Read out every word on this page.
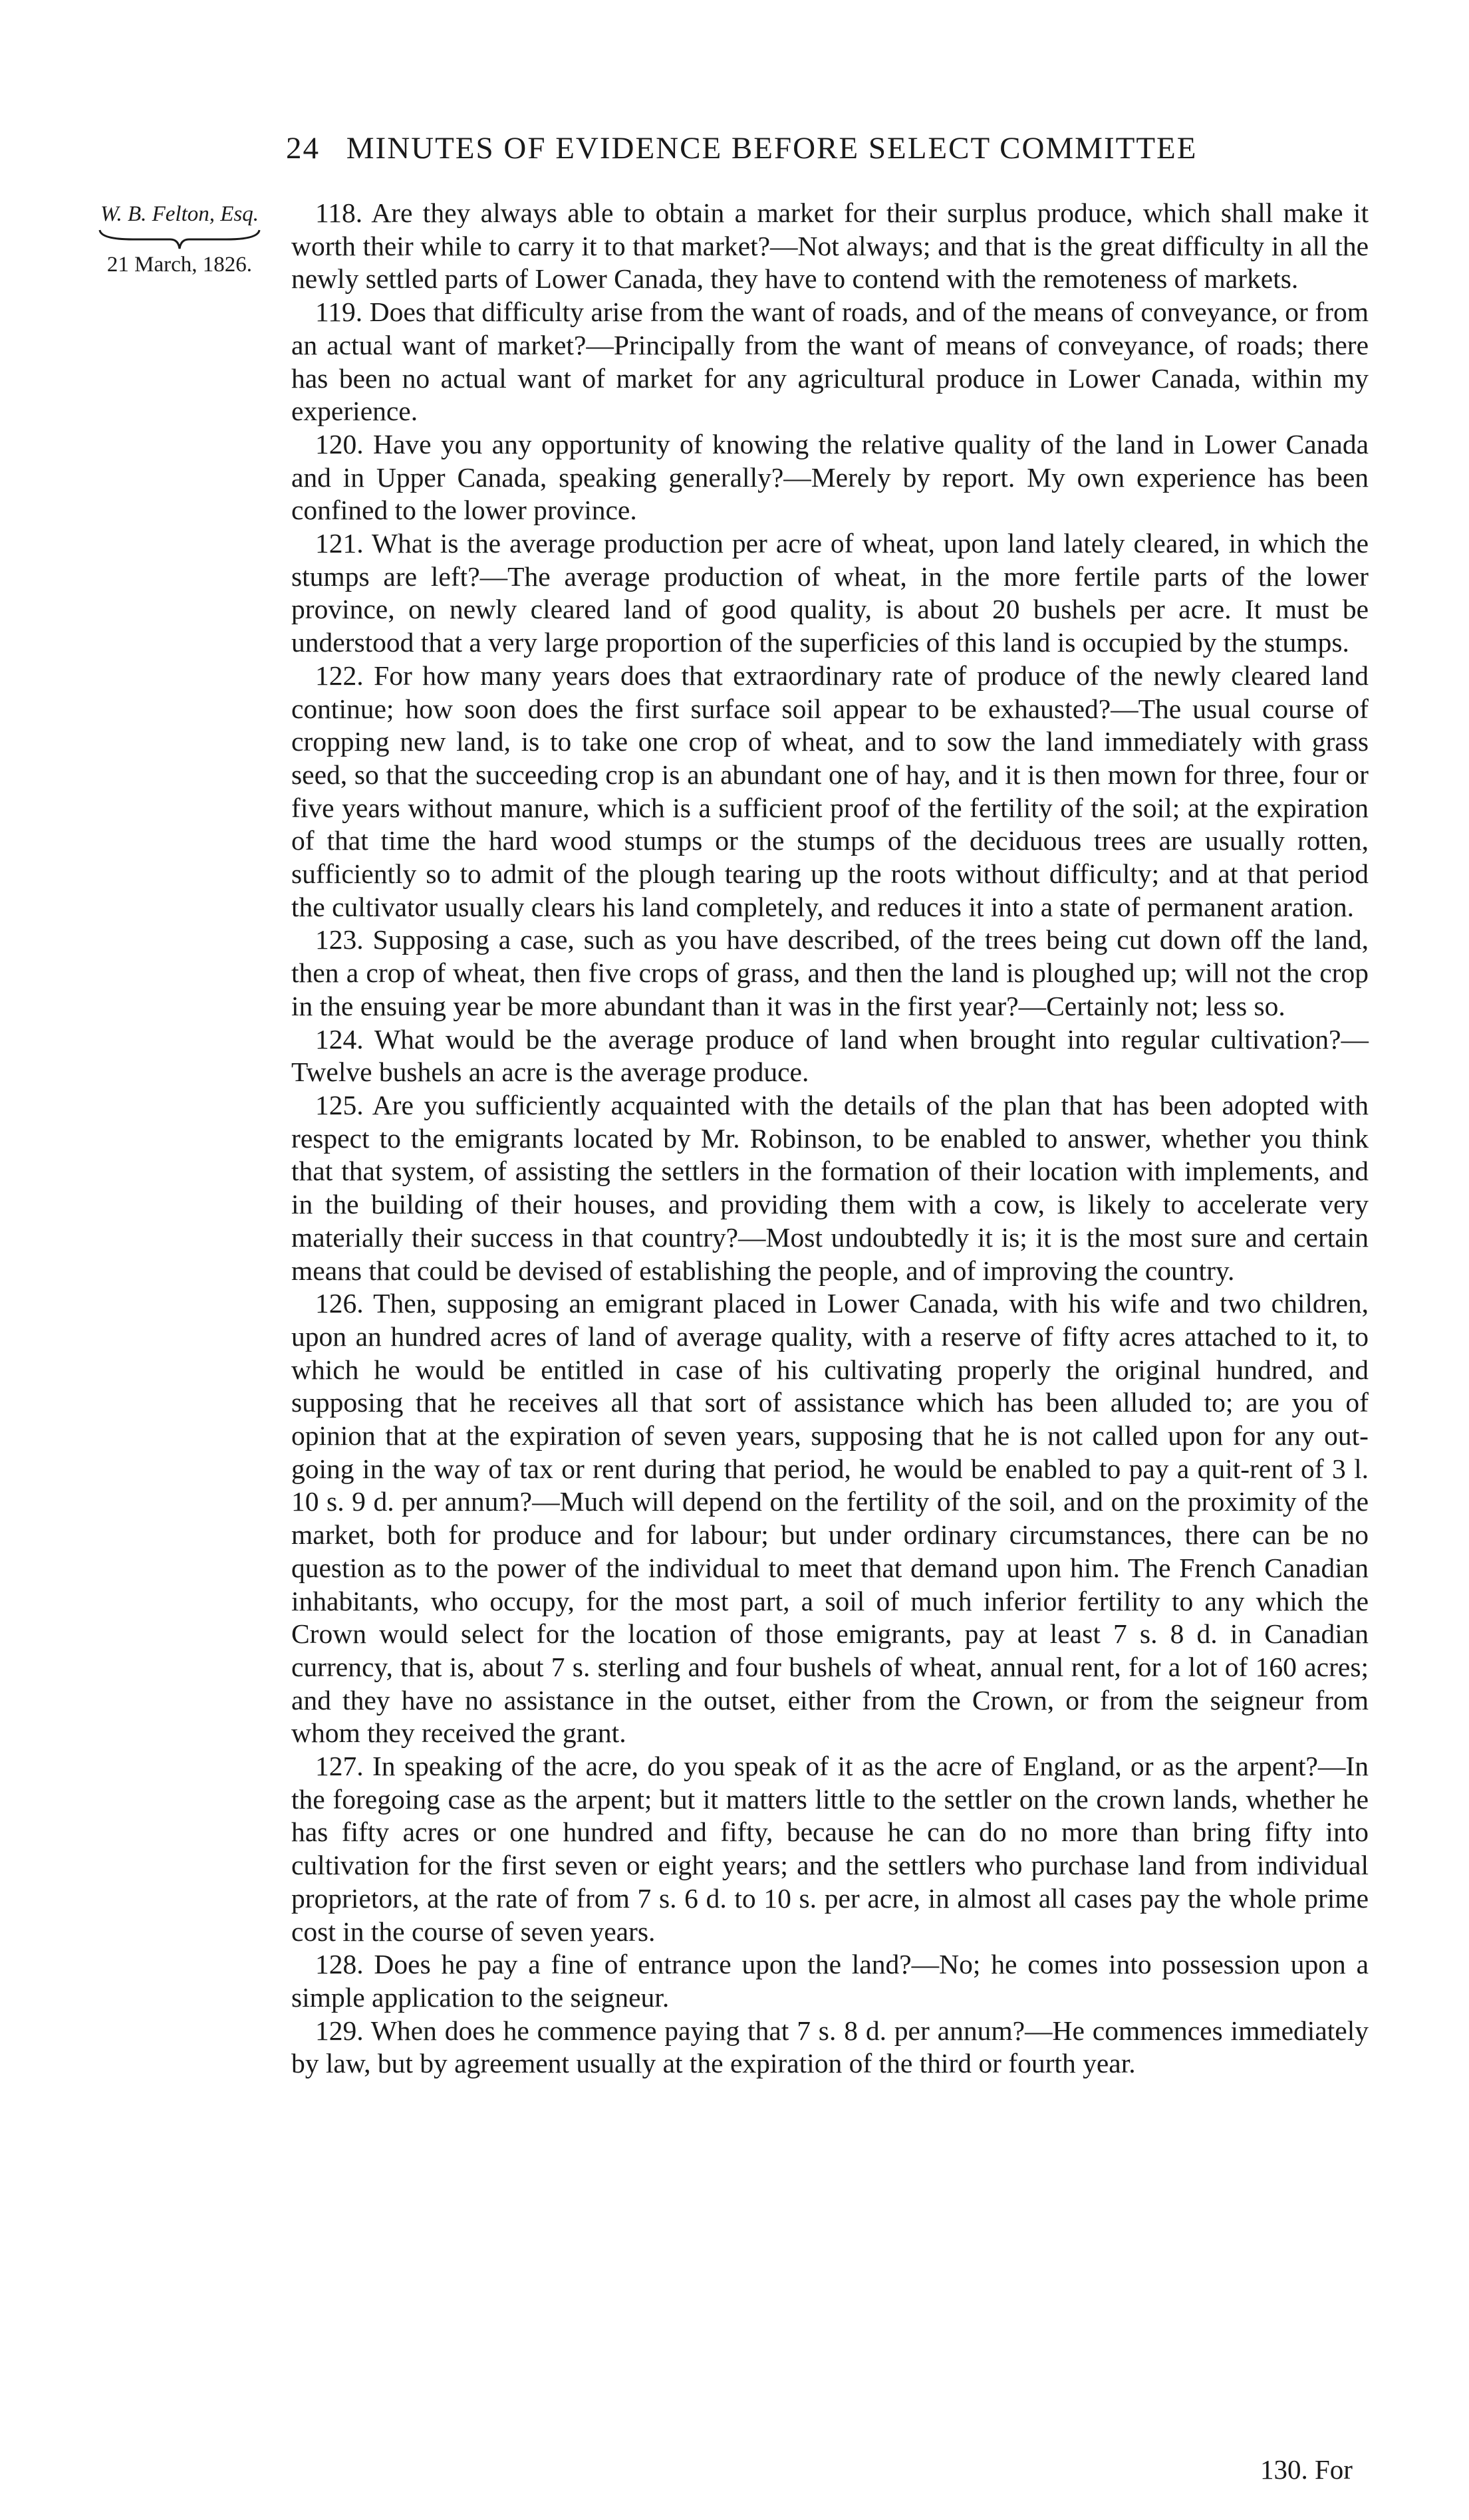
24 MINUTES OF EVIDENCE BEFORE SELECT COMMITTEE
W. B. Felton, Esq.
21 March, 1826.

118. Are they always able to obtain a market for their surplus produce, which shall make it worth their while to carry it to that market?—Not always; and that is the great difficulty in all the newly settled parts of Lower Canada, they have to contend with the remoteness of markets.

119. Does that difficulty arise from the want of roads, and of the means of conveyance, or from an actual want of market?—Principally from the want of means of conveyance, of roads; there has been no actual want of market for any agricultural produce in Lower Canada, within my experience.

120. Have you any opportunity of knowing the relative quality of the land in Lower Canada and in Upper Canada, speaking generally?—Merely by report. My own experience has been confined to the lower province.

121. What is the average production per acre of wheat, upon land lately cleared, in which the stumps are left?—The average production of wheat, in the more fertile parts of the lower province, on newly cleared land of good quality, is about 20 bushels per acre. It must be understood that a very large proportion of the superficies of this land is occupied by the stumps.

122. For how many years does that extraordinary rate of produce of the newly cleared land continue; how soon does the first surface soil appear to be exhausted?—The usual course of cropping new land, is to take one crop of wheat, and to sow the land immediately with grass seed, so that the succeeding crop is an abundant one of hay, and it is then mown for three, four or five years without manure, which is a sufficient proof of the fertility of the soil; at the expiration of that time the hard wood stumps or the stumps of the deciduous trees are usually rotten, sufficiently so to admit of the plough tearing up the roots without difficulty; and at that period the cultivator usually clears his land completely, and reduces it into a state of permanent aration.

123. Supposing a case, such as you have described, of the trees being cut down off the land, then a crop of wheat, then five crops of grass, and then the land is ploughed up; will not the crop in the ensuing year be more abundant than it was in the first year?—Certainly not; less so.

124. What would be the average produce of land when brought into regular cultivation?—Twelve bushels an acre is the average produce.

125. Are you sufficiently acquainted with the details of the plan that has been adopted with respect to the emigrants located by Mr. Robinson, to be enabled to answer, whether you think that that system, of assisting the settlers in the formation of their location with implements, and in the building of their houses, and providing them with a cow, is likely to accelerate very materially their success in that country?—Most undoubtedly it is; it is the most sure and certain means that could be devised of establishing the people, and of improving the country.

126. Then, supposing an emigrant placed in Lower Canada, with his wife and two children, upon an hundred acres of land of average quality, with a reserve of fifty acres attached to it, to which he would be entitled in case of his cultivating properly the original hundred, and supposing that he receives all that sort of assistance which has been alluded to; are you of opinion that at the expiration of seven years, supposing that he is not called upon for any out-going in the way of tax or rent during that period, he would be enabled to pay a quit-rent of 3 l. 10 s. 9 d. per annum?—Much will depend on the fertility of the soil, and on the proximity of the market, both for produce and for labour; but under ordinary circumstances, there can be no question as to the power of the individual to meet that demand upon him. The French Canadian inhabitants, who occupy, for the most part, a soil of much inferior fertility to any which the Crown would select for the location of those emigrants, pay at least 7 s. 8 d. in Canadian currency, that is, about 7 s. sterling and four bushels of wheat, annual rent, for a lot of 160 acres; and they have no assistance in the outset, either from the Crown, or from the seigneur from whom they received the grant.

127. In speaking of the acre, do you speak of it as the acre of England, or as the arpent?—In the foregoing case as the arpent; but it matters little to the settler on the crown lands, whether he has fifty acres or one hundred and fifty, because he can do no more than bring fifty into cultivation for the first seven or eight years; and the settlers who purchase land from individual proprietors, at the rate of from 7 s. 6 d. to 10 s. per acre, in almost all cases pay the whole prime cost in the course of seven years.

128. Does he pay a fine of entrance upon the land?—No; he comes into possession upon a simple application to the seigneur.

129. When does he commence paying that 7 s. 8 d. per annum?—He commences immediately by law, but by agreement usually at the expiration of the third or fourth year.

130. For
